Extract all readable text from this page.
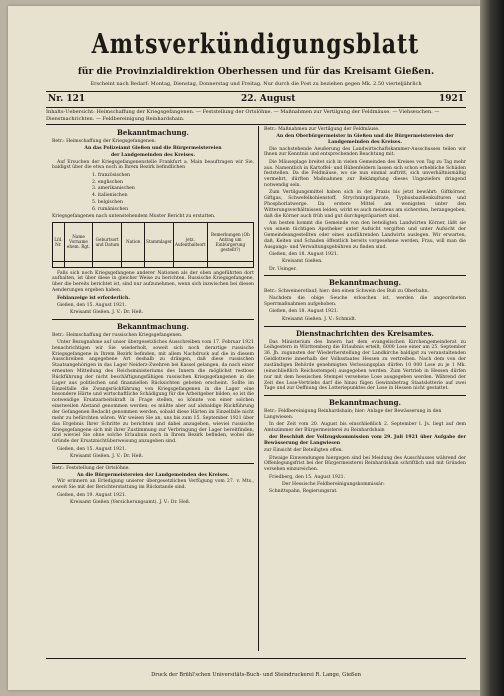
Amtsverkündigungsblatt
für die Provinzialdirektion Oberhessen und für das Kreisamt Gießen.
Erscheint nach Bedarf: Montag, Dienstag, Donnerstag und Freitag. Nur durch die Post zu beziehen gegen Mk. 2.50 vierteljährlich
Nr. 121	22. August	1921
Inhalts-Uebersicht: Heimschaffung der Kriegsgefangenen. — Feststellung der Ortslöhne. — Maßnahmen zur Vertilgung der Feldmäuse. — Viehseuchen. — Dienstnachrichten. — Feldbereinigung Reinhardshain.
Bekanntmachung.
Betr.: Heimschaffung der Kriegsgefangenen.
An das Polizeiamt Gießen und die Bürgermeistereien
der Landgemeinden des Kreises.

Auf Ersuchen der Kriegsgefangenenstelle Frankfurt a. Main beauftragen wir Sie, baldigst über die etwa noch in Ihrem Bezirk befindlichen

1. französischen
2. englischen
3. amerikanischen
4. italienischen
5. belgischen
6. rumänischen

Kriegsgefangenen nach untenstehendem Muster Bericht zu erstatten.

Lfd. Nr.	Name Vorname ehem. Rgt.	Geburtsort und Datum	Nation	Stammlager	jetz. Aufenthaltsort	Bemerkungen (Ob Antrag um Einbürgerung gestellt?)

Falls sich noch Kriegsgefangene anderer Nationen als der oben angeführten dort aufhalten, ist über diese in gleicher Weise zu berichten. Russische Kriegsgefangene, über die bereits berichtet ist, sind nur aufzunehmen, wenn sich inzwischen bei diesen Aenderungen ergeben haben.

Fehlanzeige ist erforderlich.

Gießen, den 15. August 1921.

Kreisamt Gießen. J. V.: Dr. Heß.

Bekanntmachung.
Betr.: Heimschaffung der russischen Kriegsgefangenen.

Unter Bezugnahme auf unser übergesetzliches Ausschreiben vom 17. Februar 1921 benachrichtigen wir Sie wiederholt, soweit sich noch derartige russische Kriegsgefangene in Ihrem Bezirk befinden, mit allem Nachdruck auf die in diesem Ausschreiben angegebene Art deshalb zu drängen, daß diese russischen Staatsangehörigen in das Lager Neiderz-Zwehren bei Kassel gelangen, da nach einer erneuten Mitteilung des Reichsministeriums des Innern die möglichst restlose Rückführung der nicht beschäftigungsfähigen russischen Kriegsgefangenen in die Lager aus politischen und finanziellen Rücksichten geboten erscheint. Sollte im Einzelfalle die Zwangsrückführung von Kriegsgefangenen in die Lager eine besondere Härte und wirtschaftliche Schädigung für die Arbeitgeber bilden, so ist die notwendige Ersatzarbeitskraft in Frage stellen, so könnte von einer solchen einstweilen Abstand genommen werden; es müßte aber auf alsbaldige Rückführung der Gefangenen Bedacht genommen werden, sobald diese Härten im Einzelfalle nicht mehr zu befürchten wären. Wir weisen Sie an, uns bis zum 15. September 1921 über das Ergebnis Ihrer Schritte zu berichten und dabei anzugeben, wieviel russische Kriegsgefangene sich mit ihrer Zustimmung zur Verbringung der Lager bereitfinden, und wieviel Sie ohne solche Erlaubnis noch in Ihrem Bezirk befinden, wobei die Gründe der Ersatznichtüberweisung anzugeben sind.

Gießen, den 15. August 1921.

Kreisamt Gießen. J. V.: Dr. Heß.

Betr.: Feststellung der Ortslöhne.
An die Bürgermeistereien der Landgemeinden des Kreises.

Wir erinnern an Erledigung unserer übergesetzlichen Verfügung vom 27. v. Mts., soweit Sie mit der Berichterstattung im Rückstande sind.

Gießen, den 19. August 1921.

Kreisamt Gießen (Versicherungsamt). J. V.: Dr. Heß.

Betr.: Maßnahmen zur Vertilgung der Feldmäuse.
An den Oberbürgermeister in Gießen und die Bürgermeistereien der Landgemeinden des Kreises.

Die nachstehende Aeußerung des Landwirtschaftskammer-Ausschusses teilen wir Ihnen zur Kenntnis und entsprechenden Beachtung mit.

Die Mäuseplage breitet sich in vielen Gemeinden des Kreises von Tag zu Tag mehr aus. Namentlich in Kartoffel- und Rübenfeldern lassen sich schon erhebliche Schäden feststellen. Da die Feldmäuse, wo sie nun einmal auftritt, sich unverhältnismäßig vermehrt, dürften Maßnahmen zur Bekämpfung dieses Ungeziefers dringend notwendig sein.

Zum Vertilgungsmittel haben sich in der Praxis bis jetzt bewährt: Giftkörner, Giftgas, Schwefelkohlenstoff, Strychninpräparate, Typhusbazillenkulturen und Phosphorlatwerge. Da erstere Mittel am wenigsten unter den Witterungsverhältnissen leiden, wirkt es auch meistens am sichersten, herangegeben, daß die Körner auch früh und gut durchgepräpariert sind.

Am besten kommt die Gemeinde von den beteiligten Landwirten Körner, läßt sie von einem tüchtigen Apotheker unter Aufsicht vergiften und unter Aufsicht der Gemeindeangestellten oder eines ausführenden Landwirts auslegen. Wir erwarten, daß, Keiten und Schaden öffentlich bereits vorgesehene werden, Frau, will man die Ausgangs- und Verwaltungsgebühren zu finden sind.

Gießen, den 18. August 1921.

Kreisamt Gießen.

Dr. Usinger.

Bekanntmachung.
Betr.: Schweinerotlauf; hier: den einen Schwein des Buß zu Oberbahn.

Nachdem die obige Seuche erloschen ist, werden die angeordneten Sperrmaßnahmen aufgehoben.

Gießen, den 18. August 1921.

Kreisamt Gießen. J. V.: Schmidt.

Dienstnachrichten des Kreisamtes.

Das Ministerium des Innern hat dem evangelischen Kirchengemeinderat zu Leihgestern in Württemberg die Erlaubnis erteilt, 6000 Lose einer am 25. September 36. Jh. zugunsten der Wiederherstellung der Landkirche baldigst zu veranstaltenden Geldlotterie innerhalb der Volksstaates Hessen zu vertreiben. Nach dem von der zuständigen Behörde genehmigten Verlosungsplan dürfen 10 000 Lose zu je 1 Mk. (einschließlich Reichsstempel) ausgegeben werden. Zum Vertrieb in Hessen dürfen nur mit dem hessischen Stempel versehene Lose ausgegeben werden. Während der Zeit des Lose-Vertriebs darf die hinzu fügen Gewinnbetrag Staatslotterie auf zwei Tage und zur Oeffnung des Lotteriepunktes der Lose in Hessen nicht gestattet.

Bekanntmachung.
Betr.: Feldbereinigung Reinhardshain; hier: Anlage der Bewässerung in den Langwiesen.

In der Zeit vom 20. August bis einschließlich 2. September l. Js. liegt auf dem Amtszimmer der Bürgermeisterei zu Reinhardshain

der Beschluß der Vollzugskommission vom 29. Juli 1921 über Aufgabe der Bewässerung der Langwiesen

zur Einsicht der Beteiligten offen.

Etwaige Einwendungen hiergegen sind bei Meidung des Ausschlusses während der Offenlegungsfrist bei der Bürgermeisterei Reinhardshain schriftlich und mit Gründen versehen einzureichen.

Friedberg, den 15. August 1921.

Der Hessische Feldbereinigungskommissär:

Schnittspahn, Regierungsrat.

Druck der Brühl'schen Universitäts-Buch- und Steindruckerei R. Lange, Gießen
